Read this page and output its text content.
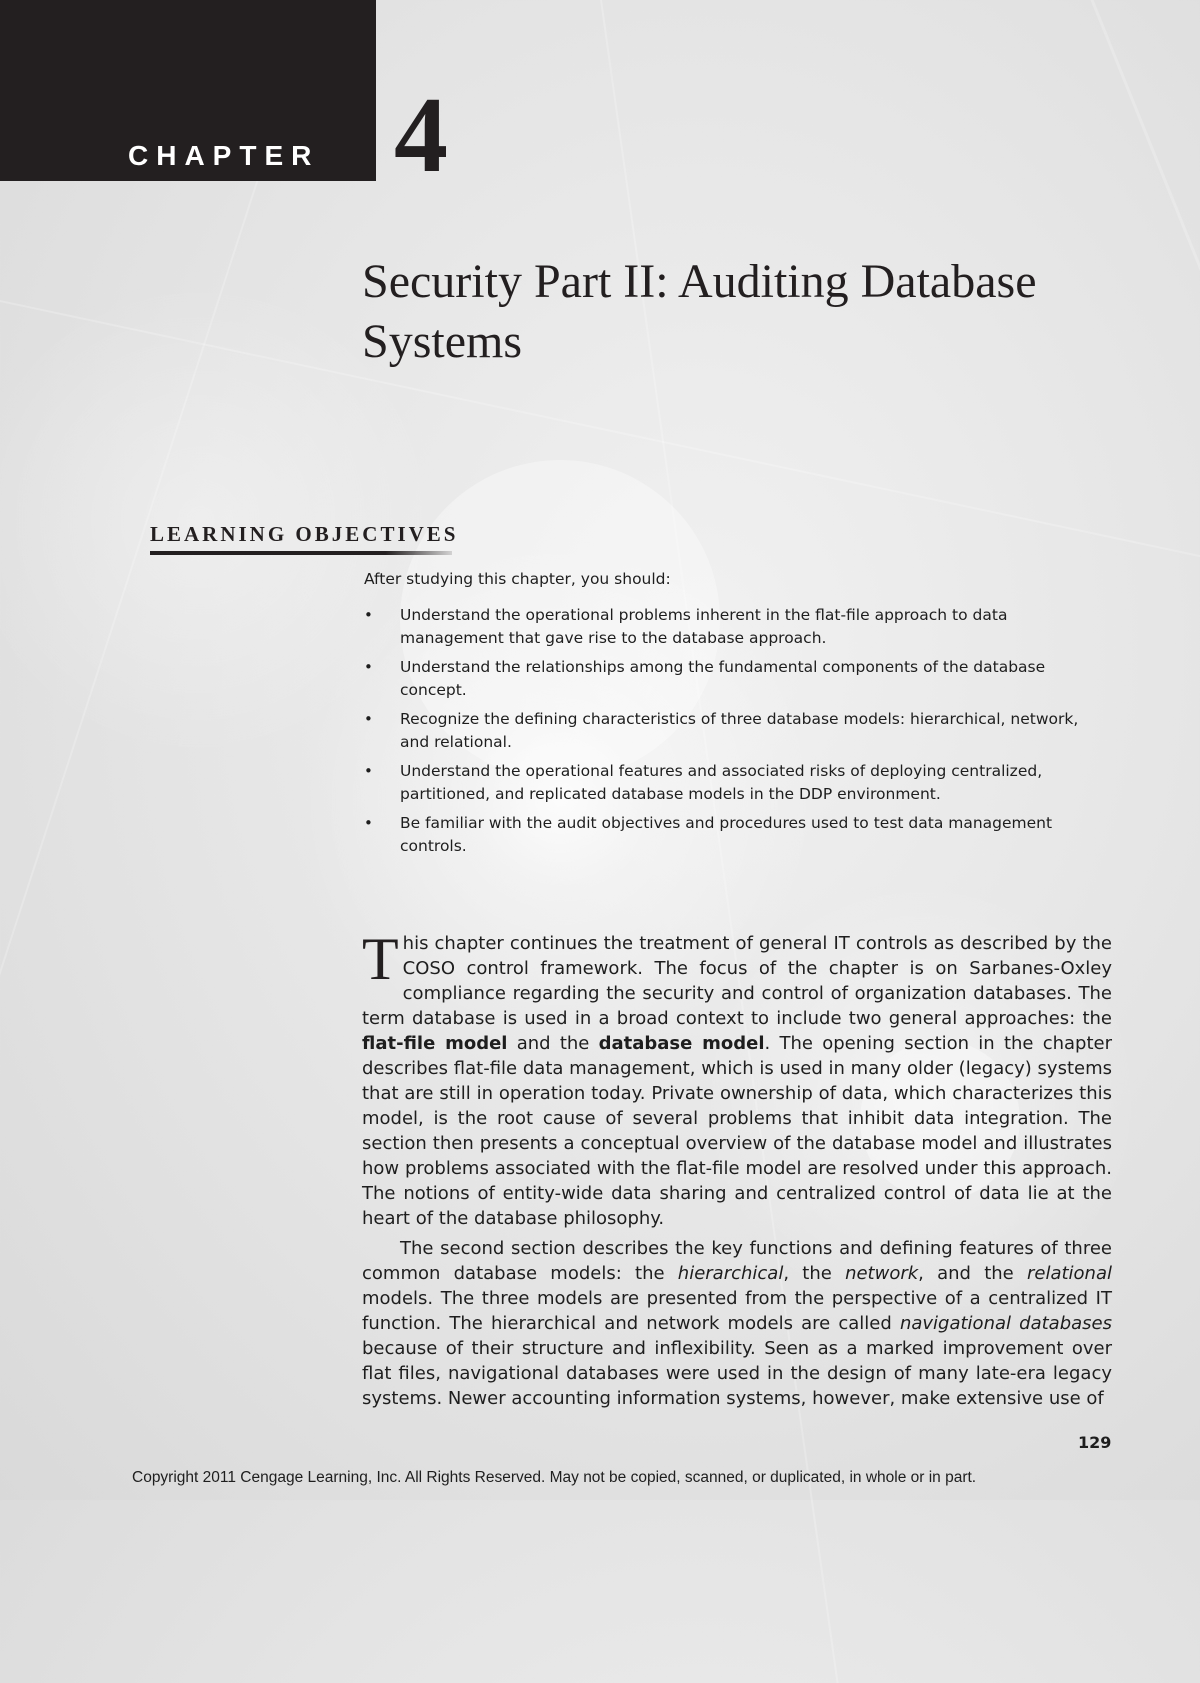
CHAPTER 4
Security Part II: Auditing Database Systems
LEARNING OBJECTIVES
After studying this chapter, you should:
• Understand the operational problems inherent in the flat-file approach to data management that gave rise to the database approach.
• Understand the relationships among the fundamental components of the database concept.
• Recognize the defining characteristics of three database models: hierarchical, network, and relational.
• Understand the operational features and associated risks of deploying centralized, partitioned, and replicated database models in the DDP environment.
• Be familiar with the audit objectives and procedures used to test data management controls.

This chapter continues the treatment of general IT controls as described by the COSO control framework. The focus of the chapter is on Sarbanes-Oxley compliance regarding the security and control of organization databases. The term database is used in a broad context to include two general approaches: the flat-file model and the database model. The opening section in the chapter describes flat-file data management, which is used in many older (legacy) systems that are still in operation today. Private ownership of data, which characterizes this model, is the root cause of several problems that inhibit data integration. The section then presents a conceptual overview of the database model and illustrates how problems associated with the flat-file model are resolved under this approach. The notions of entity-wide data sharing and centralized control of data lie at the heart of the database philosophy.

The second section describes the key functions and defining features of three common database models: the hierarchical, the network, and the relational models. The three models are presented from the perspective of a centralized IT function. The hierarchical and network models are called navigational databases because of their structure and inflexibility. Seen as a marked improvement over flat files, navigational databases were used in the design of many late-era legacy systems. Newer accounting information systems, however, make extensive use of

129
Copyright 2011 Cengage Learning, Inc. All Rights Reserved. May not be copied, scanned, or duplicated, in whole or in part.
